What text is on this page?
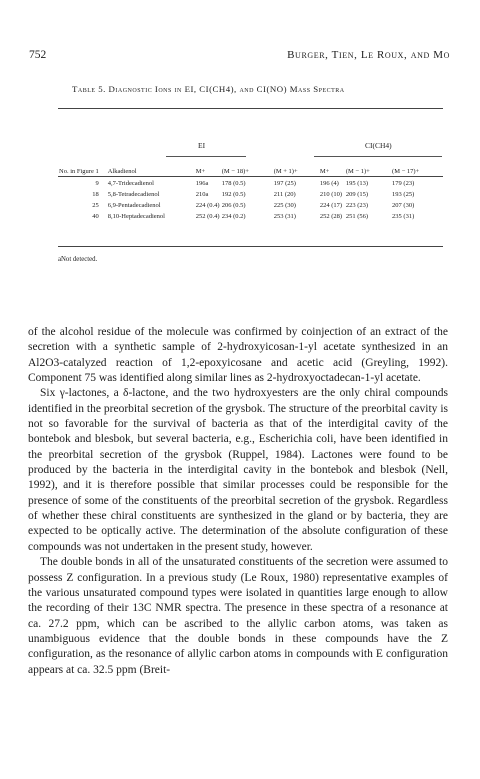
752	Burger, Tien, Le Roux, and Mo
Table 5. Diagnostic Ions in EI, CI(CH4), and CI(NO) Mass Spectra
EI	CI(CH4)
No. in Figure 1	Alkadienol	M+	(M − 18)+	(M + 1)+	M+	(M − 1)+	(M − 17)+
9	4,7-Tridecadienol	196a	178 (0.5)	197 (25)	196 (4)	195 (13)	179 (23)
18	5,8-Tetradecadienol	210a	192 (0.5)	211 (20)	210 (10)	209 (15)	193 (25)
25	6,9-Pentadecadienol	224 (0.4)	206 (0.5)	225 (30)	224 (17)	223 (23)	207 (30)
40	8,10-Heptadecadienol	252 (0.4)	234 (0.2)	253 (31)	252 (28)	251 (56)	235 (31)
aNot detected.

of the alcohol residue of the molecule was confirmed by coinjection of an extract of the secretion with a synthetic sample of 2-hydroxyicosan-1-yl acetate synthesized in an Al2O3-catalyzed reaction of 1,2-epoxyicosane and acetic acid (Greyling, 1992). Component 75 was identified along similar lines as 2-hydroxyoctadecan-1-yl acetate.

Six γ-lactones, a δ-lactone, and the two hydroxyesters are the only chiral compounds identified in the preorbital secretion of the grysbok. The structure of the preorbital cavity is not so favorable for the survival of bacteria as that of the interdigital cavity of the bontebok and blesbok, but several bacteria, e.g., Escherichia coli, have been identified in the preorbital secretion of the grysbok (Ruppel, 1984). Lactones were found to be produced by the bacteria in the interdigital cavity in the bontebok and blesbok (Nell, 1992), and it is therefore possible that similar processes could be responsible for the presence of some of the constituents of the preorbital secretion of the grysbok. Regardless of whether these chiral constituents are synthesized in the gland or by bacteria, they are expected to be optically active. The determination of the absolute configuration of these compounds was not undertaken in the present study, however.

The double bonds in all of the unsaturated constituents of the secretion were assumed to possess Z configuration. In a previous study (Le Roux, 1980) representative examples of the various unsaturated compound types were isolated in quantities large enough to allow the recording of their 13C NMR spectra. The presence in these spectra of a resonance at ca. 27.2 ppm, which can be ascribed to the allylic carbon atoms, was taken as unambiguous evidence that the double bonds in these compounds have the Z configuration, as the resonance of allylic carbon atoms in compounds with E configuration appears at ca. 32.5 ppm (Breit-
